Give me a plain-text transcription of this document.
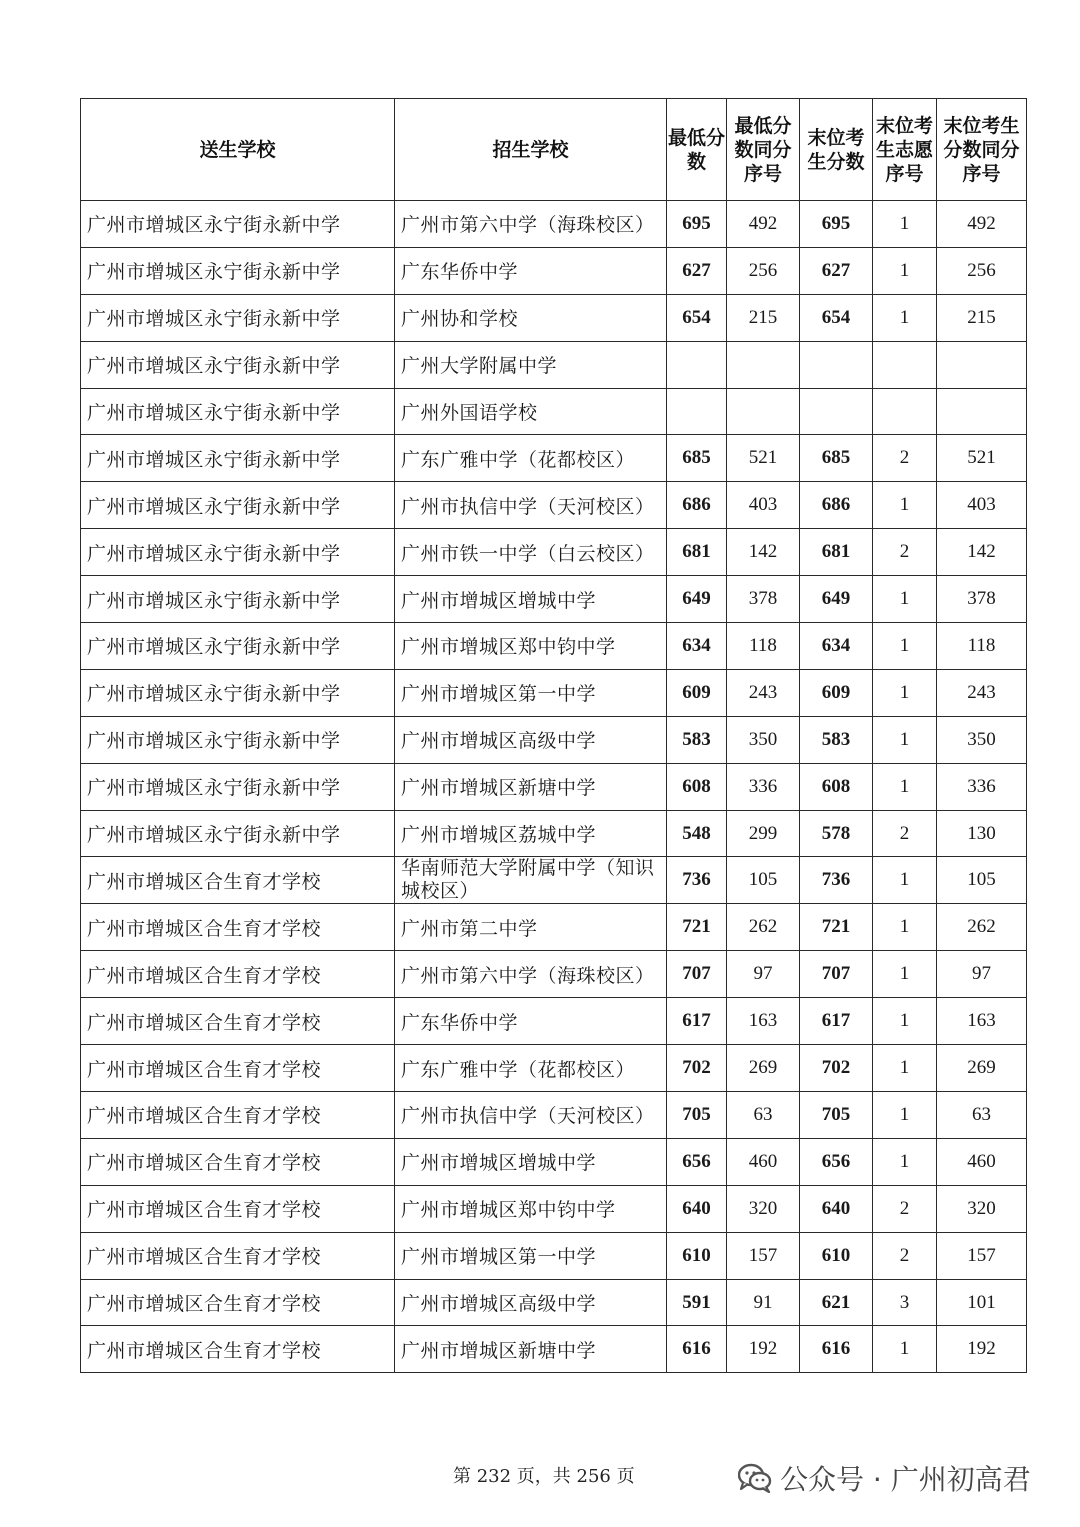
送生学校	招生学校	最低分数	最低分数同分序号	末位考生分数	末位考生志愿序号	末位考生分数同分序号
广州市增城区永宁街永新中学	广州市第六中学（海珠校区）	695	492	695	1	492
广州市增城区永宁街永新中学	广东华侨中学	627	256	627	1	256
广州市增城区永宁街永新中学	广州协和学校	654	215	654	1	215
广州市增城区永宁街永新中学	广州大学附属中学					
广州市增城区永宁街永新中学	广州外国语学校					
广州市增城区永宁街永新中学	广东广雅中学（花都校区）	685	521	685	2	521
广州市增城区永宁街永新中学	广州市执信中学（天河校区）	686	403	686	1	403
广州市增城区永宁街永新中学	广州市铁一中学（白云校区）	681	142	681	2	142
广州市增城区永宁街永新中学	广州市增城区增城中学	649	378	649	1	378
广州市增城区永宁街永新中学	广州市增城区郑中钧中学	634	118	634	1	118
广州市增城区永宁街永新中学	广州市增城区第一中学	609	243	609	1	243
广州市增城区永宁街永新中学	广州市增城区高级中学	583	350	583	1	350
广州市增城区永宁街永新中学	广州市增城区新塘中学	608	336	608	1	336
广州市增城区永宁街永新中学	广州市增城区荔城中学	548	299	578	2	130
广州市增城区合生育才学校	华南师范大学附属中学（知识城校区）	736	105	736	1	105
广州市增城区合生育才学校	广州市第二中学	721	262	721	1	262
广州市增城区合生育才学校	广州市第六中学（海珠校区）	707	97	707	1	97
广州市增城区合生育才学校	广东华侨中学	617	163	617	1	163
广州市增城区合生育才学校	广东广雅中学（花都校区）	702	269	702	1	269
广州市增城区合生育才学校	广州市执信中学（天河校区）	705	63	705	1	63
广州市增城区合生育才学校	广州市增城区增城中学	656	460	656	1	460
广州市增城区合生育才学校	广州市增城区郑中钧中学	640	320	640	2	320
广州市增城区合生育才学校	广州市增城区第一中学	610	157	610	2	157
广州市增城区合生育才学校	广州市增城区高级中学	591	91	621	3	101
广州市增城区合生育才学校	广州市增城区新塘中学	616	192	616	1	192
第 232 页，共 256 页	公众号 · 广州初高君
